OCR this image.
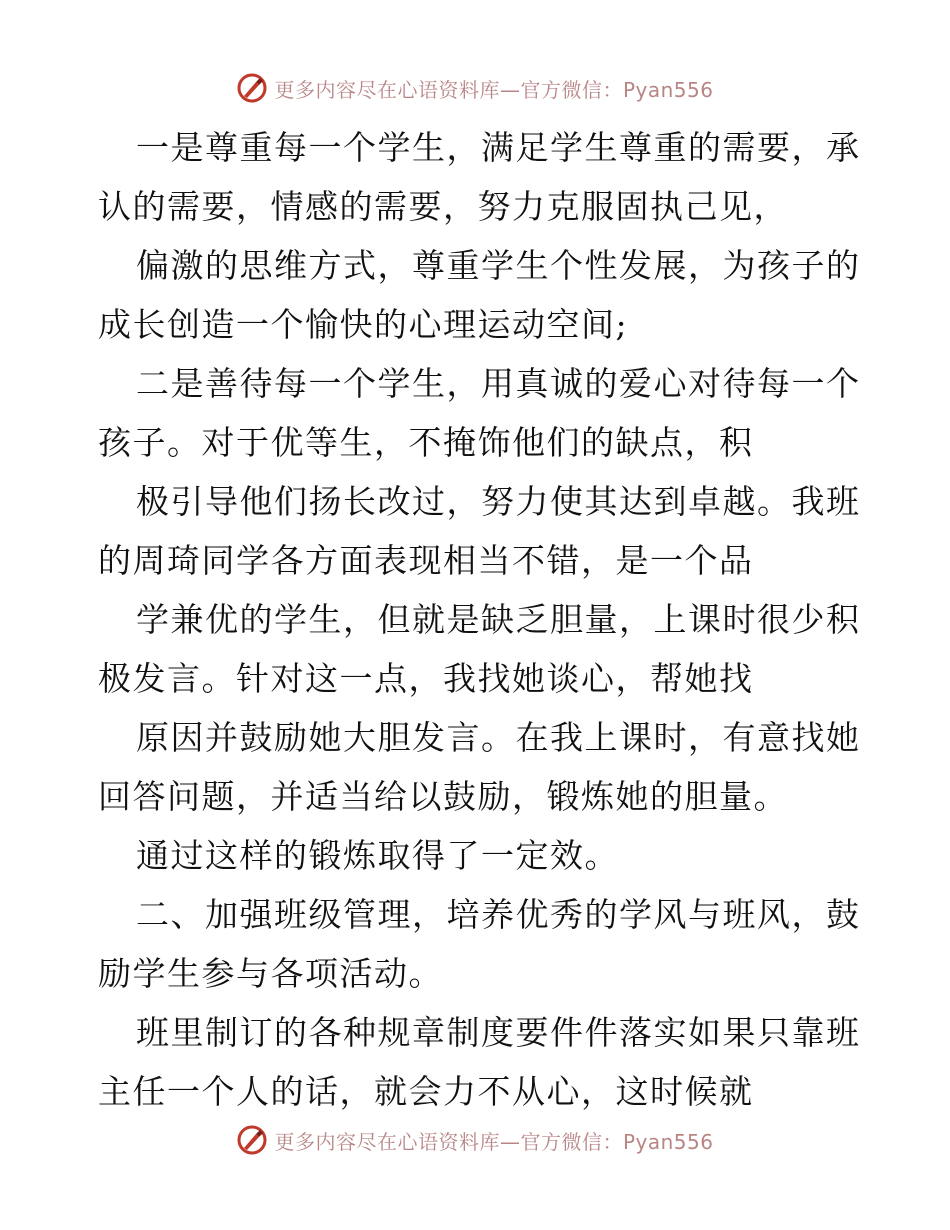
更多内容尽在心语资料库—官方微信：Pyan556
一是尊重每一个学生，满足学生尊重的需要，承
认的需要，情感的需要，努力克服固执己见，
偏激的思维方式，尊重学生个性发展，为孩子的
成长创造一个愉快的心理运动空间;
二是善待每一个学生，用真诚的爱心对待每一个
孩子。对于优等生，不掩饰他们的缺点，积
极引导他们扬长改过，努力使其达到卓越。我班
的周琦同学各方面表现相当不错，是一个品
学兼优的学生，但就是缺乏胆量，上课时很少积
极发言。针对这一点，我找她谈心，帮她找
原因并鼓励她大胆发言。在我上课时，有意找她
回答问题，并适当给以鼓励，锻炼她的胆量。
通过这样的锻炼取得了一定效。
二、加强班级管理，培养优秀的学风与班风，鼓
励学生参与各项活动。
班里制订的各种规章制度要件件落实如果只靠班
主任一个人的话，就会力不从心，这时候就
更多内容尽在心语资料库—官方微信：Pyan556
